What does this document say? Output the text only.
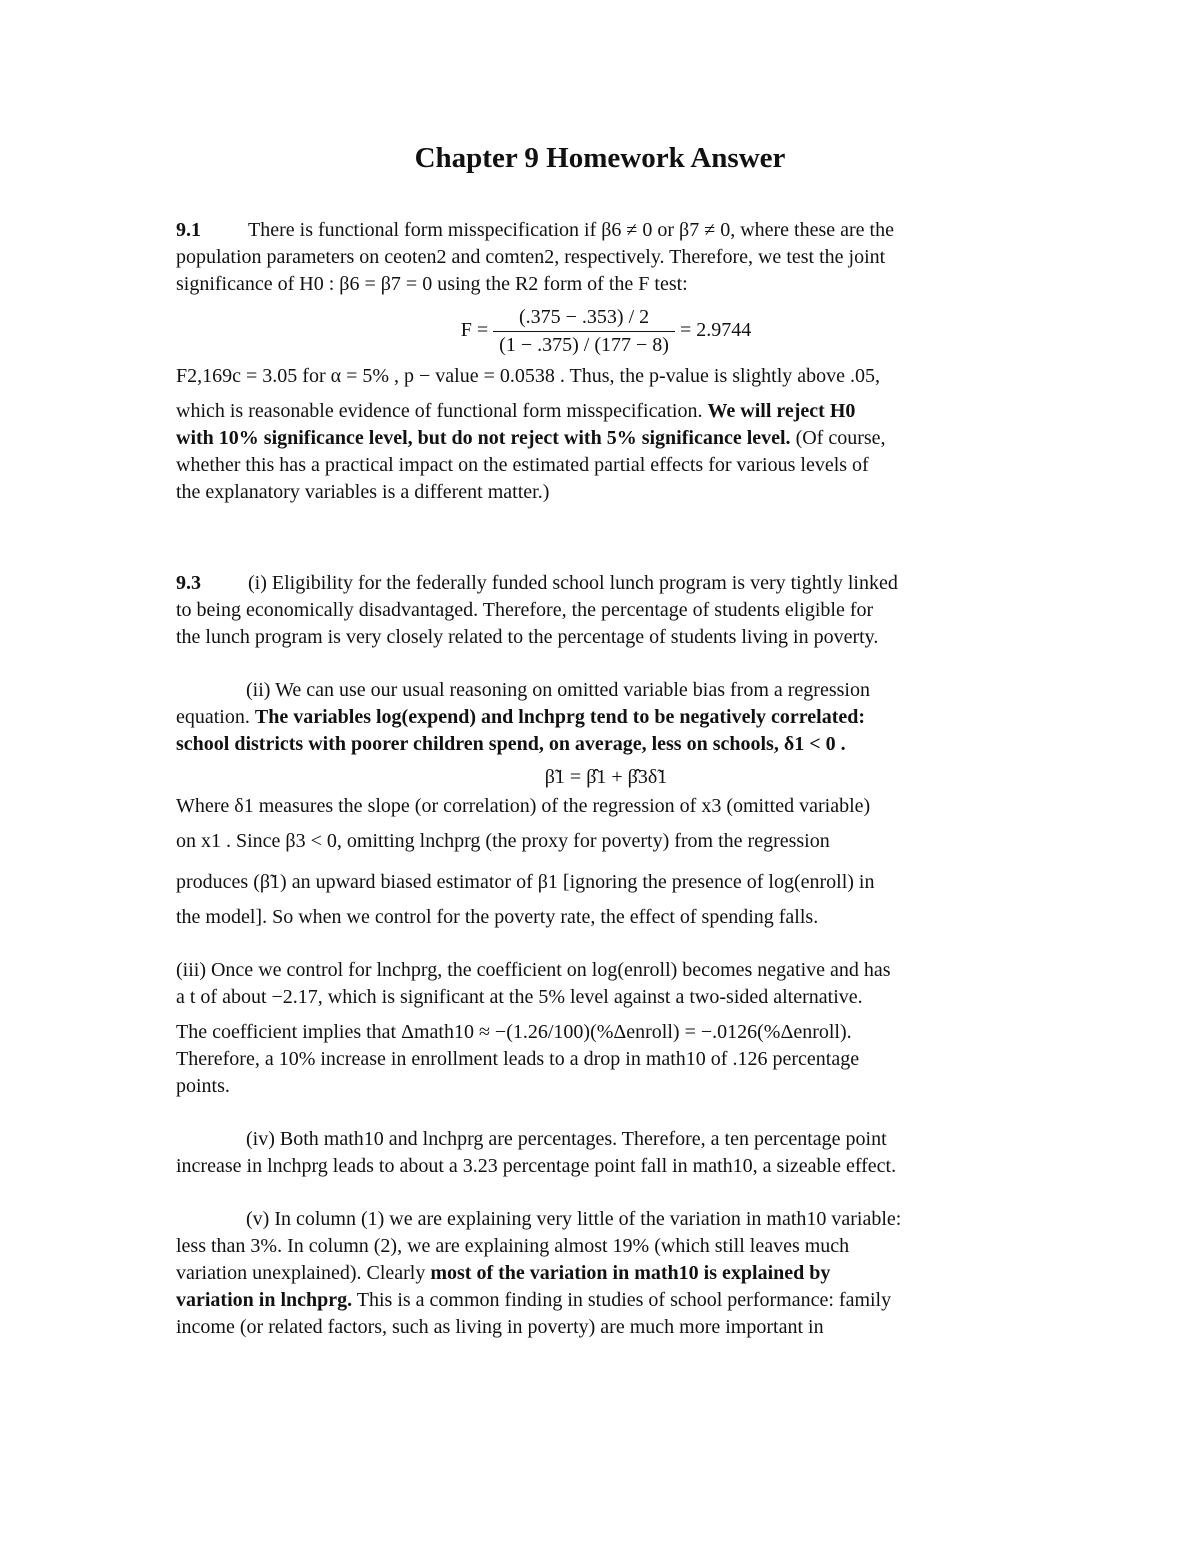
Chapter 9 Homework Answer

9.1 There is functional form misspecification if β6 ≠ 0 or β7 ≠ 0, where these are the

population parameters on ceoten2 and comten2, respectively. Therefore, we test the joint

significance of H0 : β6 = β7 = 0 using the R2 form of the F test:

$F = \frac{(.375 - .353) / 2}{(1 - .375) / (177 - 8)} = 2.9744$

F2,169c = 3.05 for α = 5% , p − value = 0.0538 . Thus, the p-value is slightly above .05,

which is reasonable evidence of functional form misspecification. We will reject H0

with 10% significance level, but do not reject with 5% significance level. (Of course,

whether this has a practical impact on the estimated partial effects for various levels of

the explanatory variables is a different matter.)

9.3 (i) Eligibility for the federally funded school lunch program is very tightly linked

to being economically disadvantaged. Therefore, the percentage of students eligible for

the lunch program is very closely related to the percentage of students living in poverty.

(ii) We can use our usual reasoning on omitted variable bias from a regression

equation. The variables log(expend) and lnchprg tend to be negatively correlated:

school districts with poorer children spend, on average, less on schools, δ1 < 0 .

β̃1 = β̂1 + β̂3δ̃1

Where δ1 measures the slope (or correlation) of the regression of x3 (omitted variable)

on x1 . Since β3 < 0, omitting lnchprg (the proxy for poverty) from the regression

produces (β̃1) an upward biased estimator of β1 [ignoring the presence of log(enroll) in

the model]. So when we control for the poverty rate, the effect of spending falls.

(iii) Once we control for lnchprg, the coefficient on log(enroll) becomes negative and has

a t of about −2.17, which is significant at the 5% level against a two-sided alternative.

The coefficient implies that Δmath10 ≈ −(1.26/100)(%Δenroll) = −.0126(%Δenroll).

Therefore, a 10% increase in enrollment leads to a drop in math10 of .126 percentage

points.

(iv) Both math10 and lnchprg are percentages. Therefore, a ten percentage point

increase in lnchprg leads to about a 3.23 percentage point fall in math10, a sizeable effect.

(v) In column (1) we are explaining very little of the variation in math10 variable:

less than 3%. In column (2), we are explaining almost 19% (which still leaves much

variation unexplained). Clearly most of the variation in math10 is explained by

variation in lnchprg. This is a common finding in studies of school performance: family

income (or related factors, such as living in poverty) are much more important in
